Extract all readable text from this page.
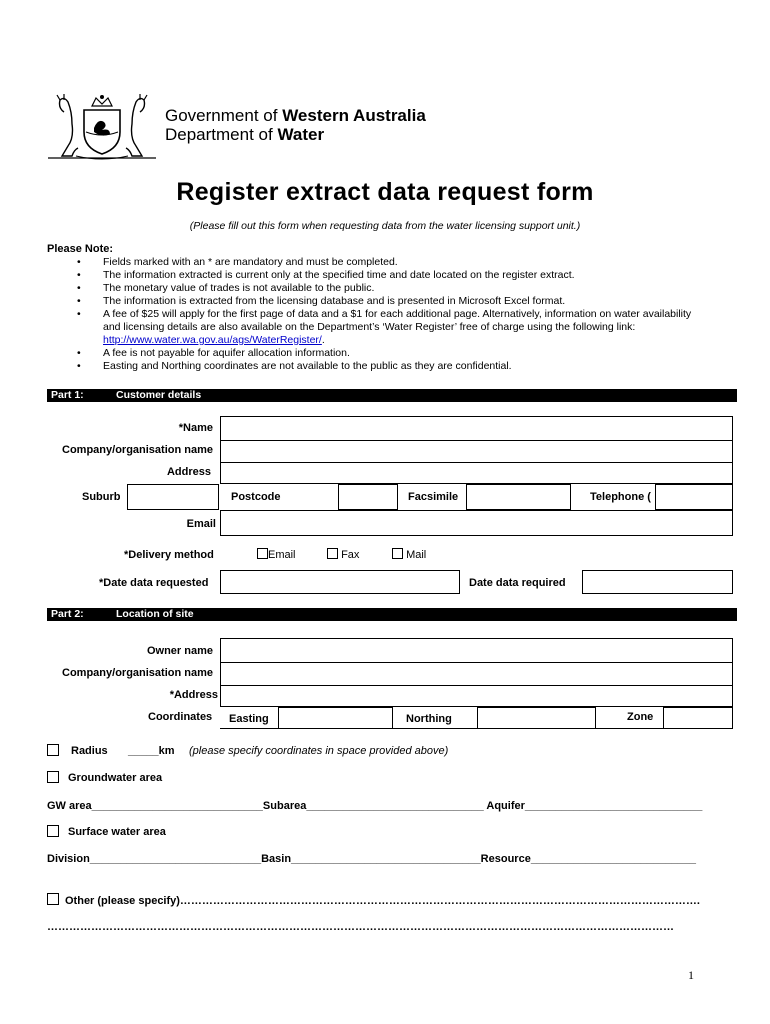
Government of Western Australia
Department of Water
Register extract data request form
(Please fill out this form when requesting data from the water licensing support unit.)
Please Note:
• Fields marked with an * are mandatory and must be completed.
• The information extracted is current only at the specified time and date located on the register extract.
• The monetary value of trades is not available to the public.
• The information is extracted from the licensing database and is presented in Microsoft Excel format.
• A fee of $25 will apply for the first page of data and a $1 for each additional page. Alternatively, information on water availability and licensing details are also available on the Department’s ‘Water Register’ free of charge using the following link: http://www.water.wa.gov.au/ags/WaterRegister/.
• A fee is not payable for aquifer allocation information.
• Easting and Northing coordinates are not available to the public as they are confidential.
Part 1:	Customer details
*Name
Company/organisation name
Address
Suburb	Postcode	Facsimile	Telephone (
Email
*Delivery method	Email	Fax	Mail
*Date data requested	Date data required
Part 2:	Location of site
Owner name
Company/organisation name
*Address
Coordinates Easting	Northing	Zone
Radius _____km (please specify coordinates in space provided above)
Groundwater area
GW area____________________________Subarea_____________________________ Aquifer_____________________________
Surface water area
Division____________________________Basin_______________________________Resource___________________________
Other (please specify)…………………………………………………………………………………………………………………………….
………………………………………………………………………………………………………………………………………………………
1
